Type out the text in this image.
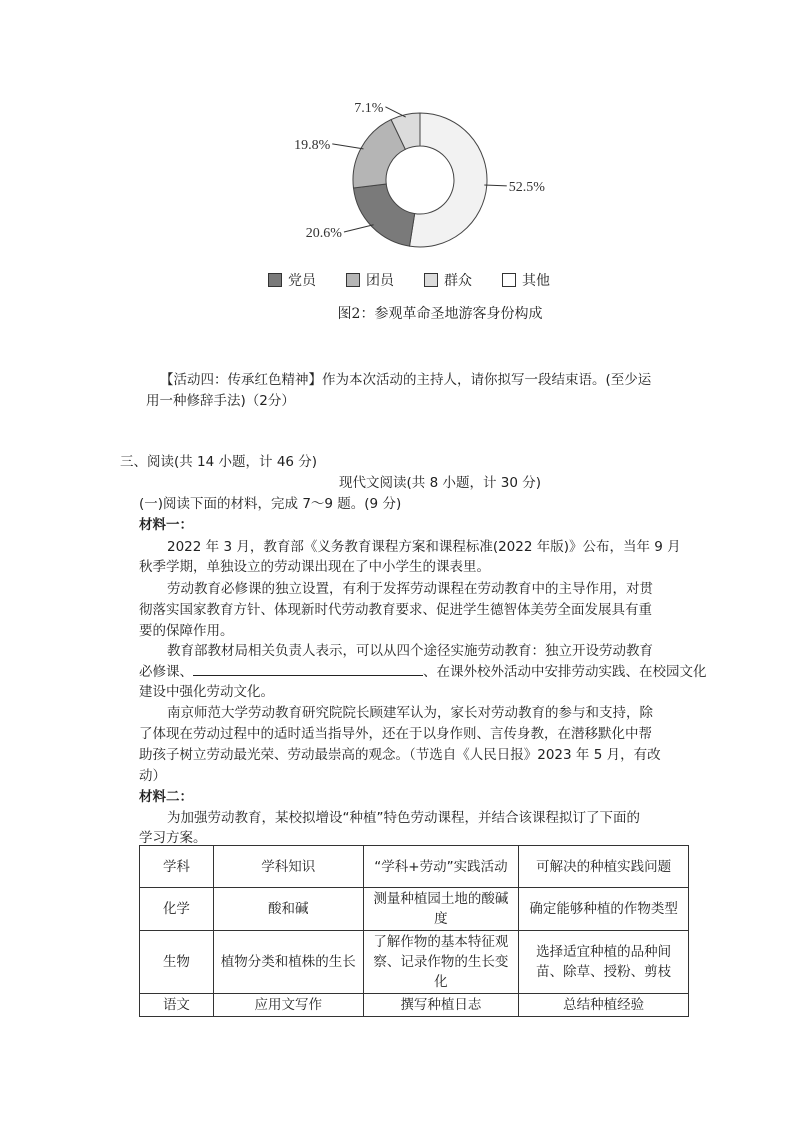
52.5%
20.6%
19.8%
7.1%
党员	团员	群众	其他
图2：参观革命圣地游客身份构成
【活动四：传承红色精神】作为本次活动的主持人，请你拟写一段结束语。(至少运
用一种修辞手法)（2分）
三、阅读(共 14 小题，计 46 分)
现代文阅读(共 8 小题，计 30 分)
(一)阅读下面的材料，完成 7～9 题。(9 分)
材料一：
2022 年 3 月，教育部《义务教育课程方案和课程标准(2022 年版)》公布，当年 9 月
秋季学期，单独设立的劳动课出现在了中小学生的课表里。
劳动教育必修课的独立设置，有利于发挥劳动课程在劳动教育中的主导作用，对贯
彻落实国家教育方针、体现新时代劳动教育要求、促进学生德智体美劳全面发展具有重
要的保障作用。
教育部教材局相关负责人表示，可以从四个途径实施劳动教育：独立开设劳动教育
必修课、	、在课外校外活动中安排劳动实践、在校园文化
建设中强化劳动文化。
南京师范大学劳动教育研究院院长顾建军认为，家长对劳动教育的参与和支持，除
了体现在劳动过程中的适时适当指导外，还在于以身作则、言传身教，在潜移默化中帮
助孩子树立劳动最光荣、劳动最崇高的观念。（节选自《人民日报》2023 年 5 月，有改
动）
材料二：
为加强劳动教育，某校拟增设“种植”特色劳动课程，并结合该课程拟订了下面的
学习方案。
学科	学科知识	“学科+劳动”实践活动	可解决的种植实践问题
化学	酸和碱	测量种植园土地的酸碱度	确定能够种植的作物类型
生物	植物分类和植株的生长	了解作物的基本特征观察、记录作物的生长变化	选择适宜种植的品种间苗、除草、授粉、剪枝
语文	应用文写作	撰写种植日志	总结种植经验
